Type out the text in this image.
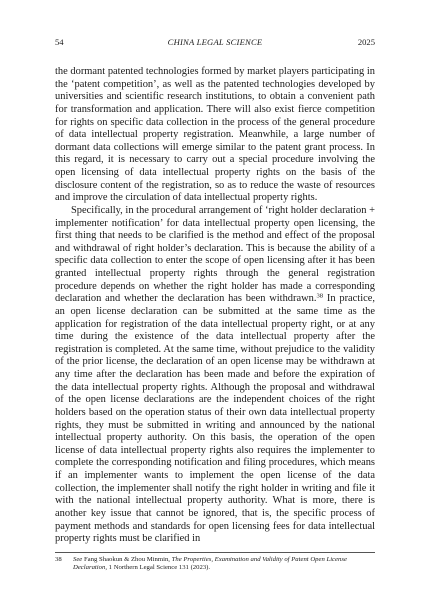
54	CHINA LEGAL SCIENCE	2025

the dormant patented technologies formed by market players participating in the ‘patent competition’, as well as the patented technologies developed by universities and scientific research institutions, to obtain a convenient path for transformation and application. There will also exist fierce competition for rights on specific data collection in the process of the general procedure of data intellectual property registration. Meanwhile, a large number of dormant data collections will emerge similar to the patent grant process. In this regard, it is necessary to carry out a special procedure involving the open licensing of data intellectual property rights on the basis of the disclosure content of the registration, so as to reduce the waste of resources and improve the circulation of data intellectual property rights.

Specifically, in the procedural arrangement of ‘right holder declaration + implementer notification’ for data intellectual property open licensing, the first thing that needs to be clarified is the method and effect of the proposal and withdrawal of right holder’s declaration. This is because the ability of a specific data collection to enter the scope of open licensing after it has been granted intellectual property rights through the general registration procedure depends on whether the right holder has made a corresponding declaration and whether the declaration has been withdrawn.$^{38}$ In practice, an open license declaration can be submitted at the same time as the application for registration of the data intellectual property right, or at any time during the existence of the data intellectual property after the registration is completed. At the same time, without prejudice to the validity of the prior license, the declaration of an open license may be withdrawn at any time after the declaration has been made and before the expiration of the data intellectual property rights. Although the proposal and withdrawal of the open license declarations are the independent choices of the right holders based on the operation status of their own data intellectual property rights, they must be submitted in writing and announced by the national intellectual property authority. On this basis, the operation of the open license of data intellectual property rights also requires the implementer to complete the corresponding notification and filing procedures, which means if an implementer wants to implement the open license of the data collection, the implementer shall notify the right holder in writing and file it with the national intellectual property authority. What is more, there is another key issue that cannot be ignored, that is, the specific process of payment methods and standards for open licensing fees for data intellectual property rights must be clarified in

38 See Fang Shaokun & Zhou Minmin, The Properties, Examination and Validity of Patent Open License Declaration, 1 Northern Legal Science 131 (2023).
